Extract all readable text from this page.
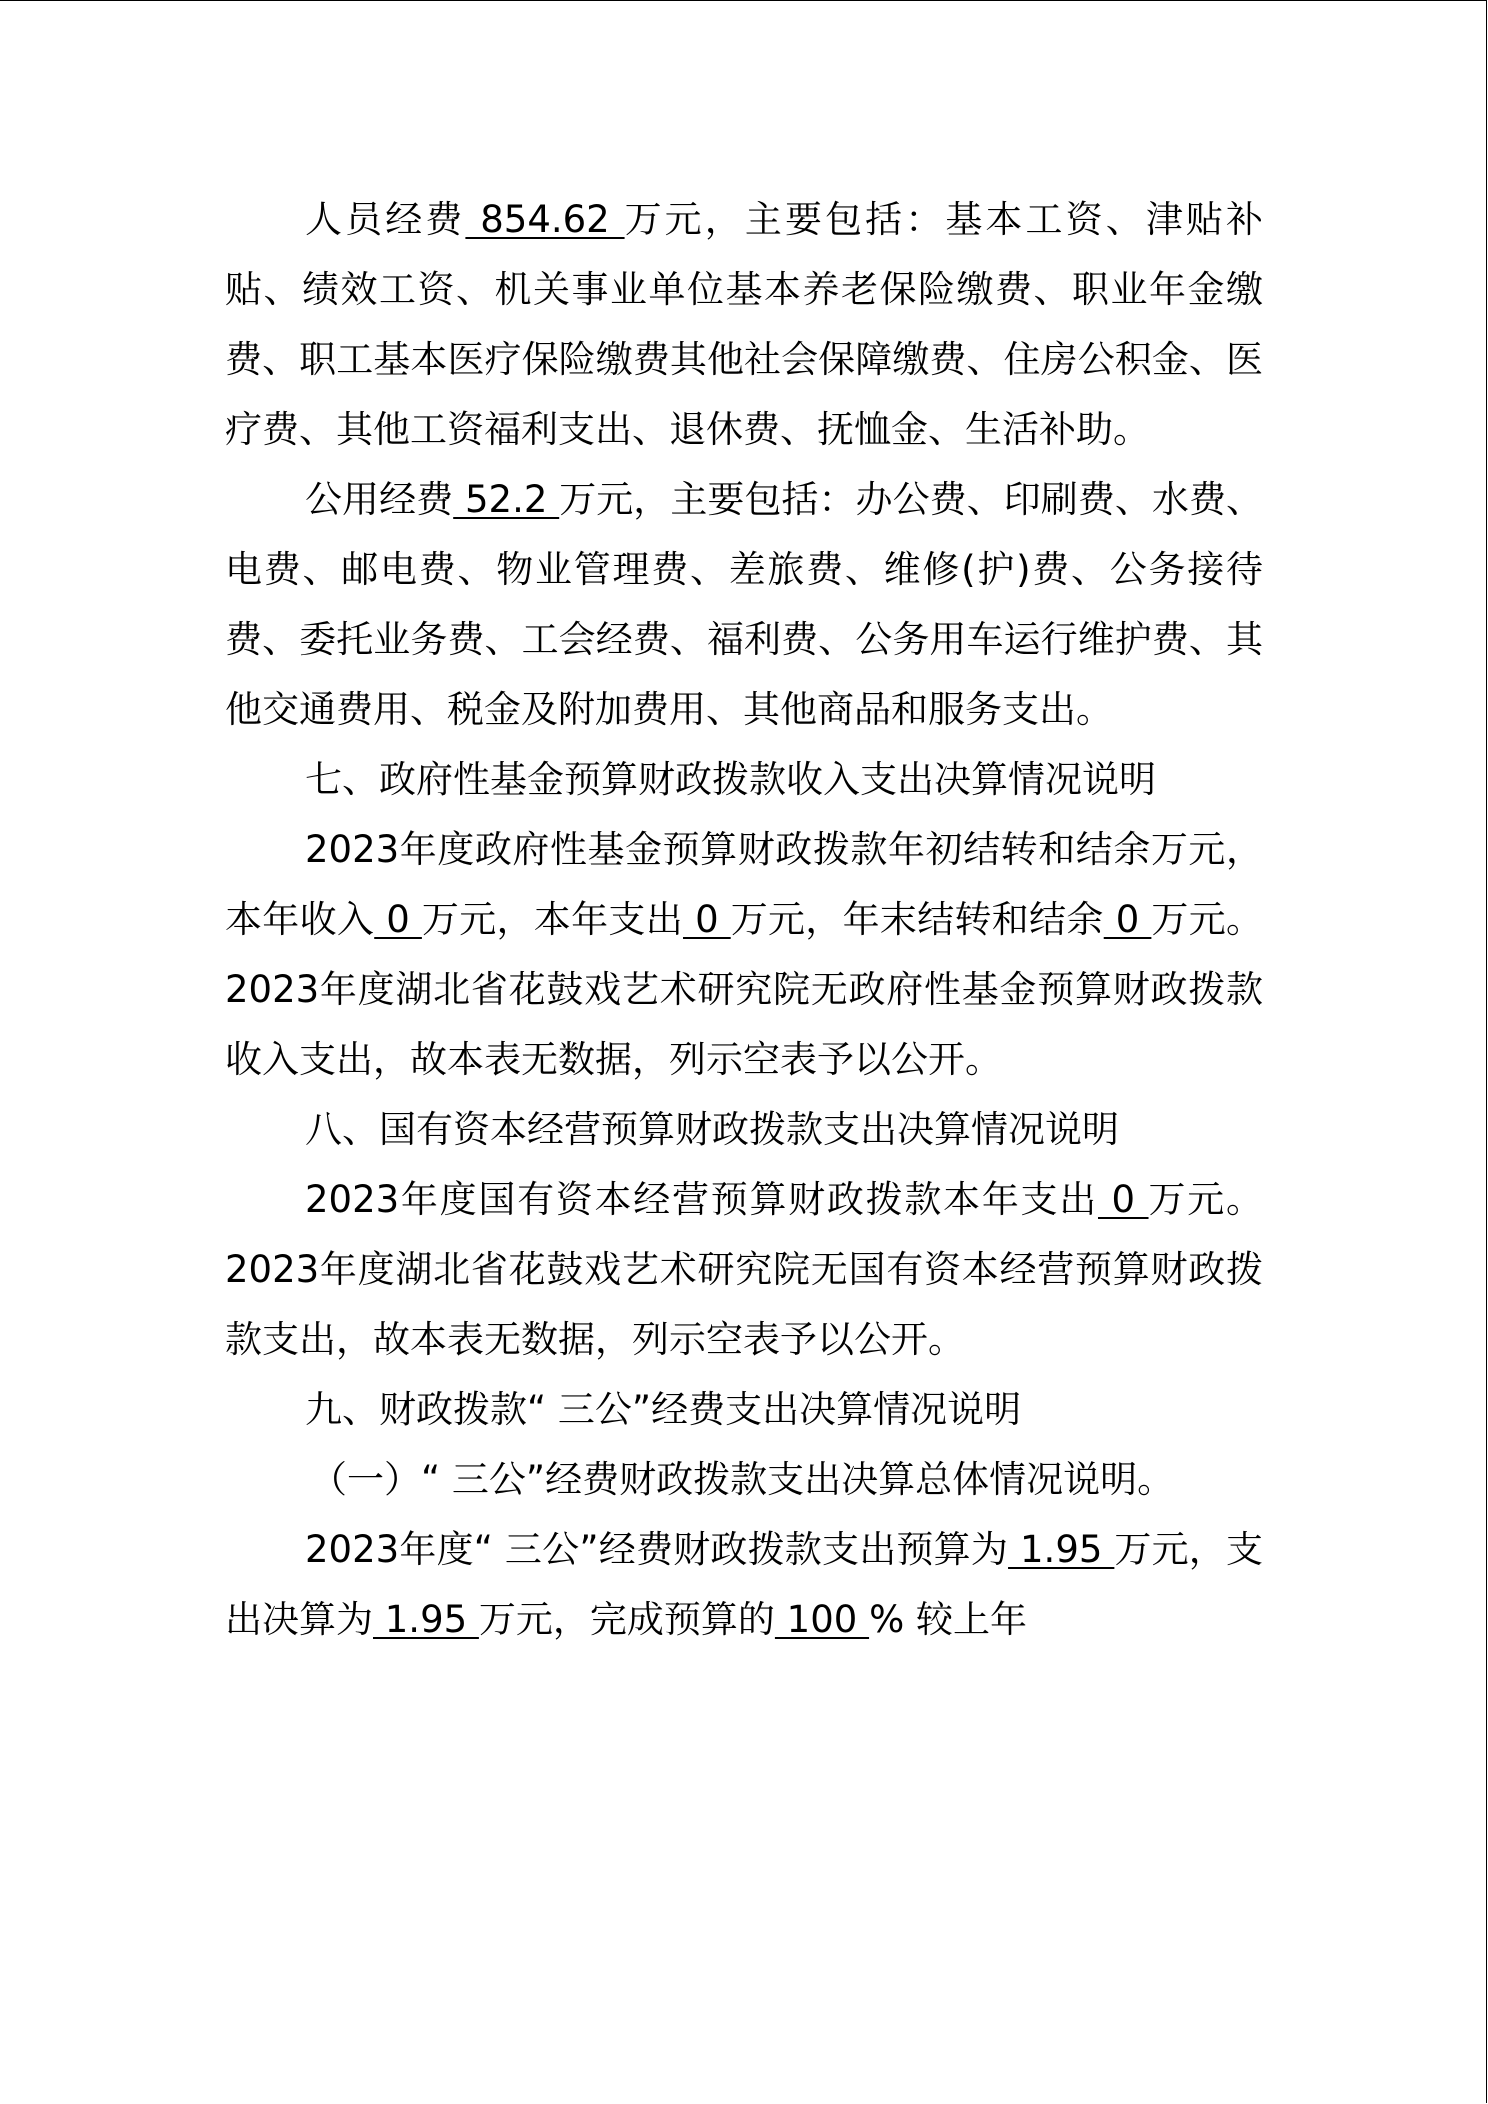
人员经费 854.62 万元，主要包括：基本工资、津贴补贴、绩效工资、机关事业单位基本养老保险缴费、职业年金缴费、职工基本医疗保险缴费其他社会保障缴费、住房公积金、医疗费、其他工资福利支出、退休费、抚恤金、生活补助。

公用经费 52.2 万元，主要包括：办公费、印刷费、水费、电费、邮电费、物业管理费、差旅费、维修(护)费、公务接待费、委托业务费、工会经费、福利费、公务用车运行维护费、其他交通费用、税金及附加费用、其他商品和服务支出。

七、政府性基金预算财政拨款收入支出决算情况说明

2023年度政府性基金预算财政拨款年初结转和结余万元，本年收入 0 万元，本年支出 0 万元，年末结转和结余 0 万元。2023年度湖北省花鼓戏艺术研究院无政府性基金预算财政拨款收入支出，故本表无数据，列示空表予以公开。

八、国有资本经营预算财政拨款支出决算情况说明

2023年度国有资本经营预算财政拨款本年支出 0 万元。2023年度湖北省花鼓戏艺术研究院无国有资本经营预算财政拨款支出，故本表无数据，列示空表予以公开。

九、财政拨款“ 三公”经费支出决算情况说明

（一）“ 三公”经费财政拨款支出决算总体情况说明。

2023年度“ 三公”经费财政拨款支出预算为 1.95 万元，支出决算为 1.95 万元，完成预算的 100 % 较上年
